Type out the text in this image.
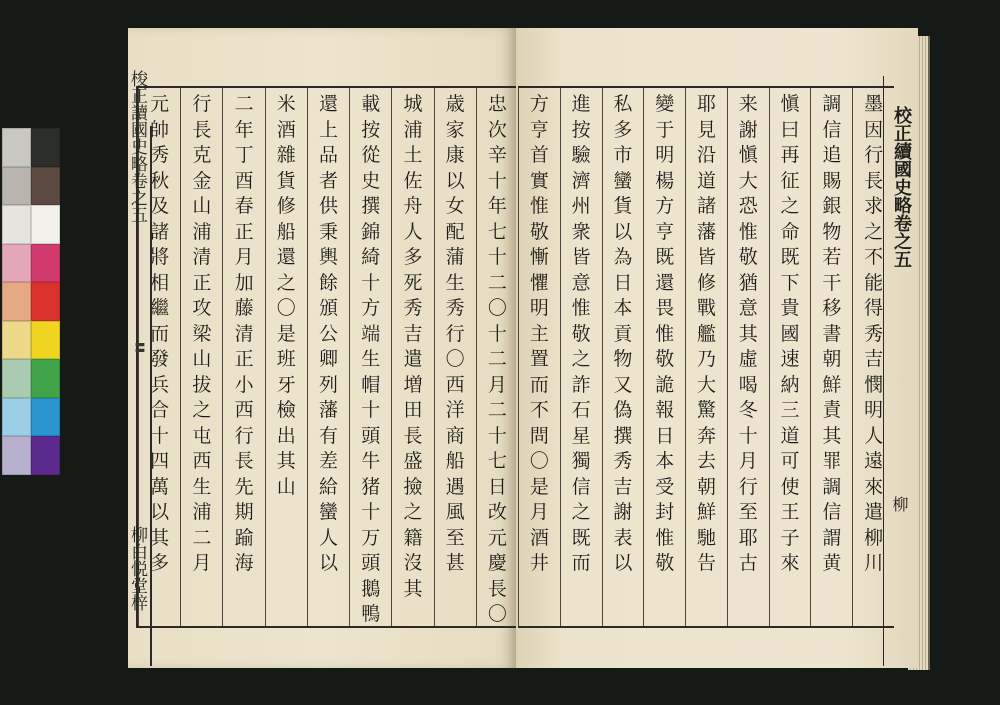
忠
次
辛
十
年
七
十
二
〇
十
二
月
二
十
七
日
改
元
慶
長
〇
歳
家
康
以
女
配
蒲
生
秀
行
〇
西
洋
商
船
遇
風
至
甚
城
浦
土
佐
舟
人
多
死
秀
吉
遣
増
田
長
盛
撿
之
籍
沒
其
載
按
從
史
撰
錦
綺
十
方
端
生
帽
十
頭
牛
猪
十
万
頭
鵝
鴨
還
上
品
者
供
秉
輿
餘
頒
公
卿
列
藩
有
差
給
蠻
人
以
米
酒
雜
貨
修
船
還
之
〇
是
班
牙
檢
出
其
山
二
年
丁
酉
春
正
月
加
藤
清
正
小
西
行
長
先
期
踰
海
行
長
克
金
山
浦
清
正
攻
梁
山
拔
之
屯
西
生
浦
二
月
元
帥
秀
秋
及
諸
將
相
繼
而
發
兵
合
十
四
萬
以
其
多
梭正讀國史略卷之五
〓
柳白悦堂梓
墨
因
行
長
求
之
不
能
得
秀
吉
憫
明
人
遠
來
遣
柳
川
調
信
追
賜
銀
物
若
干
移
書
朝
鮮
責
其
罪
調
信
謂
黄
愼
曰
再
征
之
命
既
下
貴
國
速
納
三
道
可
使
王
子
來
来
謝
愼
大
恐
惟
敬
猶
意
其
虛
喝
冬
十
月
行
至
耶
古
耶
見
沿
道
諸
藩
皆
修
戰
艦
乃
大
驚
奔
去
朝
鮮
馳
告
變
于
明
楊
方
亨
既
還
畏
惟
敬
詭
報
日
本
受
封
惟
敬
私
多
市
蠻
貨
以
為
日
本
貢
物
又
偽
撰
秀
吉
謝
表
以
進
按
驗
濟
州
衆
皆
意
惟
敬
之
詐
石
星
獨
信
之
既
而
方
亨
首
實
惟
敬
慚
懼
明
主
置
而
不
問
〇
是
月
酒
井
校正續國史略卷之五
柳
